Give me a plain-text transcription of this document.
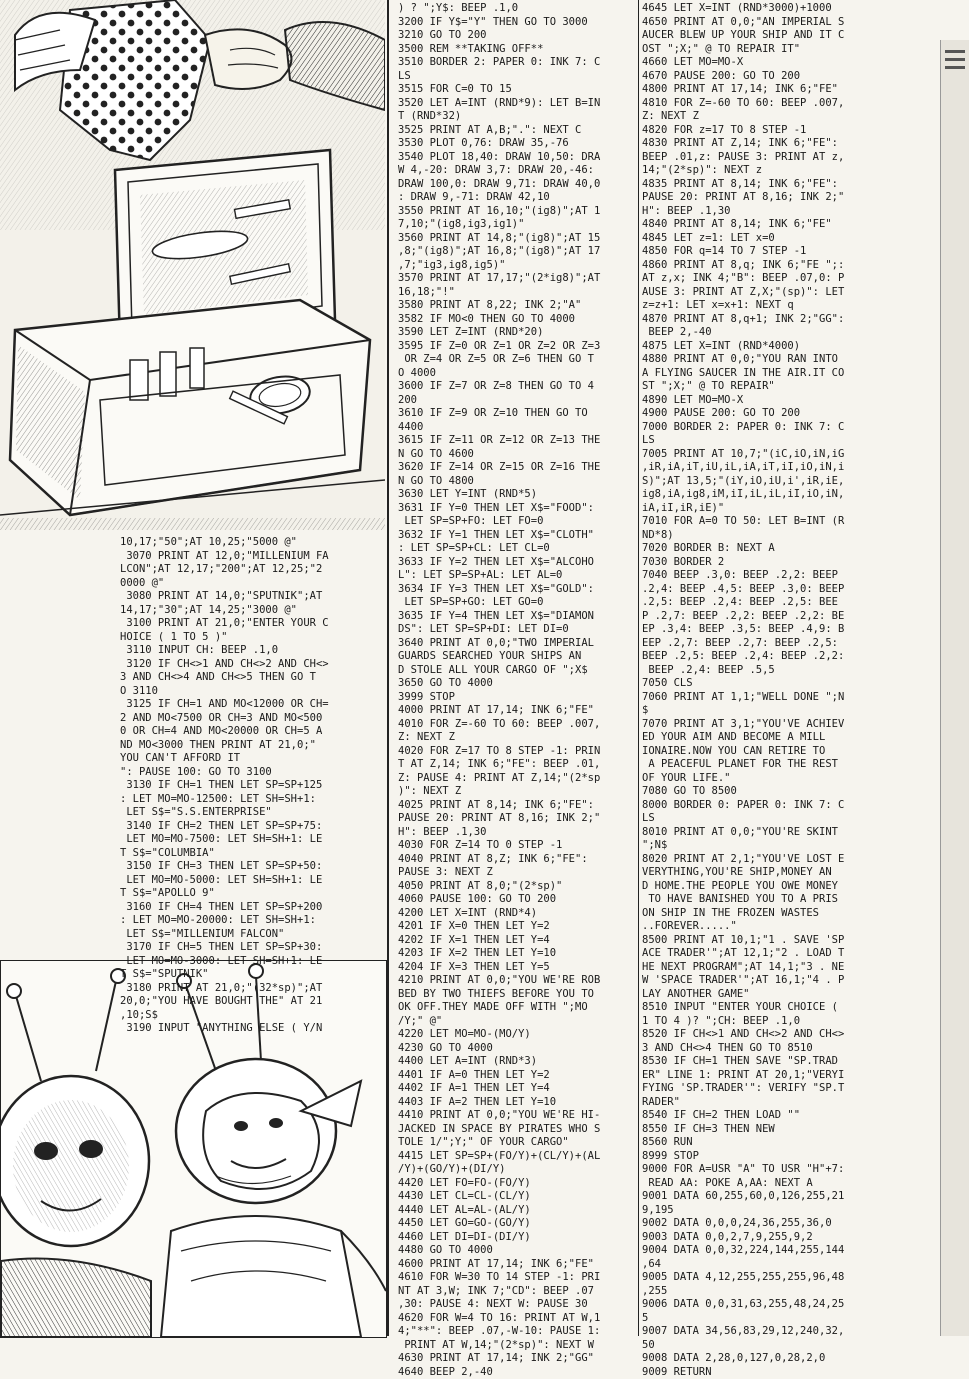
10,17;"50";AT 10,25;"5000 @"
3070 PRINT AT 12,0;"MILLENIUM FA
LCON";AT 12,17;"200";AT 12,25;"2
0000 @"
3080 PRINT AT 14,0;"SPUTNIK";AT
14,17;"30";AT 14,25;"3000 @"
3100 PRINT AT 21,0;"ENTER YOUR C
HOICE ( 1 TO 5 )"
3110 INPUT CH: BEEP .1,0
3120 IF CH<>1 AND CH<>2 AND CH<>
3 AND CH<>4 AND CH<>5 THEN GO T
O 3110
3125 IF CH=1 AND MO<12000 OR CH=
2 AND MO<7500 OR CH=3 AND MO<500
0 OR CH=4 AND MO<20000 OR CH=5 A
ND MO<3000 THEN PRINT AT 21,0;"
YOU CAN'T AFFORD IT
": PAUSE 100: GO TO 3100
3130 IF CH=1 THEN LET SP=SP+125
: LET MO=MO-12500: LET SH=SH+1:
LET S$="S.S.ENTERPRISE"
3140 IF CH=2 THEN LET SP=SP+75:
LET MO=MO-7500: LET SH=SH+1: LE
T S$="COLUMBIA"
3150 IF CH=3 THEN LET SP=SP+50:
LET MO=MO-5000: LET SH=SH+1: LE
T S$="APOLLO 9"
3160 IF CH=4 THEN LET SP=SP+200
: LET MO=MO-20000: LET SH=SH+1:
LET S$="MILLENIUM FALCON"
3170 IF CH=5 THEN LET SP=SP+30:
LET MO=MO-3000: LET SH=SH+1: LE
T S$="SPUTNIK"
3180 PRINT AT 21,0;"(32*sp)";AT
20,0;"YOU HAVE BOUGHT THE" AT 21
,10;S$
3190 INPUT "ANYTHING ELSE ( Y/N
) ? ";Y$: BEEP .1,0
3200 IF Y$="Y" THEN GO TO 3000
3210 GO TO 200
3500 REM **TAKING OFF**
3510 BORDER 2: PAPER 0: INK 7: C
LS
3515 FOR C=0 TO 15
3520 LET A=INT (RND*9): LET B=IN
T (RND*32)
3525 PRINT AT A,B;".": NEXT C
3530 PLOT 0,76: DRAW 35,-76
3540 PLOT 18,40: DRAW 10,50: DRA
W 4,-20: DRAW 3,7: DRAW 20,-46:
DRAW 100,0: DRAW 9,71: DRAW 40,0
: DRAW 9,-71: DRAW 42,10
3550 PRINT AT 16,10;"(ig8)";AT 1
7,10;"(ig8,ig3,ig1)"
3560 PRINT AT 14,8;"(ig8)";AT 15
,8;"(ig8)";AT 16,8;"(ig8)";AT 17
,7;"ig3,ig8,ig5)"
3570 PRINT AT 17,17;"(2*ig8)";AT
16,18;"!"
3580 PRINT AT 8,22; INK 2;"A"
3582 IF MO<0 THEN GO TO 4000
3590 LET Z=INT (RND*20)
3595 IF Z=0 OR Z=1 OR Z=2 OR Z=3
OR Z=4 OR Z=5 OR Z=6 THEN GO T
O 4000
3600 IF Z=7 OR Z=8 THEN GO TO 4
200
3610 IF Z=9 OR Z=10 THEN GO TO
4400
3615 IF Z=11 OR Z=12 OR Z=13 THE
N GO TO 4600
3620 IF Z=14 OR Z=15 OR Z=16 THE
N GO TO 4800
3630 LET Y=INT (RND*5)
3631 IF Y=0 THEN LET X$="FOOD":
LET SP=SP+FO: LET FO=0
3632 IF Y=1 THEN LET X$="CLOTH"
: LET SP=SP+CL: LET CL=0
3633 IF Y=2 THEN LET X$="ALCOHO
L": LET SP=SP+AL: LET AL=0
3634 IF Y=3 THEN LET X$="GOLD":
LET SP=SP+GO: LET GO=0
3635 IF Y=4 THEN LET X$="DIAMON
DS": LET SP=SP+DI: LET DI=0
3640 PRINT AT 0,0;"TWO IMPERIAL
GUARDS SEARCHED YOUR SHIPS AN
D STOLE ALL YOUR CARGO OF ";X$
3650 GO TO 4000
3999 STOP
4000 PRINT AT 17,14; INK 6;"FE"
4010 FOR Z=-60 TO 60: BEEP .007,
Z: NEXT Z
4020 FOR Z=17 TO 8 STEP -1: PRIN
T AT Z,14; INK 6;"FE": BEEP .01,
Z: PAUSE 4: PRINT AT Z,14;"(2*sp
)": NEXT Z
4025 PRINT AT 8,14; INK 6;"FE":
PAUSE 20: PRINT AT 8,16; INK 2;"
H": BEEP .1,30
4030 FOR Z=14 TO 0 STEP -1
4040 PRINT AT 8,Z; INK 6;"FE":
PAUSE 3: NEXT Z
4050 PRINT AT 8,0;"(2*sp)"
4060 PAUSE 100: GO TO 200
4200 LET X=INT (RND*4)
4201 IF X=0 THEN LET Y=2
4202 IF X=1 THEN LET Y=4
4203 IF X=2 THEN LET Y=10
4204 IF X=3 THEN LET Y=5
4210 PRINT AT 0,0;"YOU WE'RE ROB
BED BY TWO THIEFS BEFORE YOU TO
OK OFF.THEY MADE OFF WITH ";MO
/Y;" @"
4220 LET MO=MO-(MO/Y)
4230 GO TO 4000
4400 LET A=INT (RND*3)
4401 IF A=0 THEN LET Y=2
4402 IF A=1 THEN LET Y=4
4403 IF A=2 THEN LET Y=10
4410 PRINT AT 0,0;"YOU WE'RE HI-
JACKED IN SPACE BY PIRATES WHO S
TOLE 1/";Y;" OF YOUR CARGO"
4415 LET SP=SP+(FO/Y)+(CL/Y)+(AL
/Y)+(GO/Y)+(DI/Y)
4420 LET FO=FO-(FO/Y)
4430 LET CL=CL-(CL/Y)
4440 LET AL=AL-(AL/Y)
4450 LET GO=GO-(GO/Y)
4460 LET DI=DI-(DI/Y)
4480 GO TO 4000
4600 PRINT AT 17,14; INK 6;"FE"
4610 FOR W=30 TO 14 STEP -1: PRI
NT AT 3,W; INK 7;"CD": BEEP .07
,30: PAUSE 4: NEXT W: PAUSE 30
4620 FOR W=4 TO 16: PRINT AT W,1
4;"**": BEEP .07,-W-10: PAUSE 1:
PRINT AT W,14;"(2*sp)": NEXT W
4630 PRINT AT 17,14; INK 2;"GG"
4640 BEEP 2,-40
4645 LET X=INT (RND*3000)+1000
4650 PRINT AT 0,0;"AN IMPERIAL S
AUCER BLEW UP YOUR SHIP AND IT C
OST ";X;" @ TO REPAIR IT"
4660 LET MO=MO-X
4670 PAUSE 200: GO TO 200
4800 PRINT AT 17,14; INK 6;"FE"
4810 FOR Z=-60 TO 60: BEEP .007,
Z: NEXT Z
4820 FOR z=17 TO 8 STEP -1
4830 PRINT AT Z,14; INK 6;"FE":
BEEP .01,z: PAUSE 3: PRINT AT z,
14;"(2*sp)": NEXT z
4835 PRINT AT 8,14; INK 6;"FE":
PAUSE 20: PRINT AT 8,16; INK 2;"
H": BEEP .1,30
4840 PRINT AT 8,14; INK 6;"FE"
4845 LET z=1: LET x=0
4850 FOR q=14 TO 7 STEP -1
4860 PRINT AT 8,q; INK 6;"FE ";:
AT z,x; INK 4;"B": BEEP .07,0: P
AUSE 3: PRINT AT Z,X;"(sp)": LET
z=z+1: LET x=x+1: NEXT q
4870 PRINT AT 8,q+1; INK 2;"GG":
BEEP 2,-40
4875 LET X=INT (RND*4000)
4880 PRINT AT 0,0;"YOU RAN INTO
A FLYING SAUCER IN THE AIR.IT CO
ST ";X;" @ TO REPAIR"
4890 LET MO=MO-X
4900 PAUSE 200: GO TO 200
7000 BORDER 2: PAPER 0: INK 7: C
LS
7005 PRINT AT 10,7;"(iC,iO,iN,iG
,iR,iA,iT,iU,iL,iA,iT,iI,iO,iN,i
S)";AT 13,5;"(iY,iO,iU,i',iR,iE,
ig8,iA,ig8,iM,iI,iL,iL,iI,iO,iN,
iA,iI,iR,iE)"
7010 FOR A=0 TO 50: LET B=INT (R
ND*8)
7020 BORDER B: NEXT A
7030 BORDER 2
7040 BEEP .3,0: BEEP .2,2: BEEP
.2,4: BEEP .4,5: BEEP .3,0: BEEP
.2,5: BEEP .2,4: BEEP .2,5: BEE
P .2,7: BEEP .2,2: BEEP .2,2: BE
EP .3,4: BEEP .3,5: BEEP .4,9: B
EEP .2,7: BEEP .2,7: BEEP .2,5:
BEEP .2,5: BEEP .2,4: BEEP .2,2:
BEEP .2,4: BEEP .5,5
7050 CLS
7060 PRINT AT 1,1;"WELL DONE ";N
$
7070 PRINT AT 3,1;"YOU'VE ACHIEV
ED YOUR AIM AND BECOME A MILL
IONAIRE.NOW YOU CAN RETIRE TO
A PEACEFUL PLANET FOR THE REST
OF YOUR LIFE."
7080 GO TO 8500
8000 BORDER 0: PAPER 0: INK 7: C
LS
8010 PRINT AT 0,0;"YOU'RE SKINT
";N$
8020 PRINT AT 2,1;"YOU'VE LOST E
VERYTHING,YOU'RE SHIP,MONEY AN
D HOME.THE PEOPLE YOU OWE MONEY
TO HAVE BANISHED YOU TO A PRIS
ON SHIP IN THE FROZEN WASTES
..FOREVER....."
8500 PRINT AT 10,1;"1 . SAVE 'SP
ACE TRADER'";AT 12,1;"2 . LOAD T
HE NEXT PROGRAM";AT 14,1;"3 . NE
W 'SPACE TRADER'";AT 16,1;"4 . P
LAY ANOTHER GAME"
8510 INPUT "ENTER YOUR CHOICE (
1 TO 4 )? ";CH: BEEP .1,0
8520 IF CH<>1 AND CH<>2 AND CH<>
3 AND CH<>4 THEN GO TO 8510
8530 IF CH=1 THEN SAVE "SP.TRAD
ER" LINE 1: PRINT AT 20,1;"VERYI
FYING 'SP.TRADER'": VERIFY "SP.T
RADER"
8540 IF CH=2 THEN LOAD ""
8550 IF CH=3 THEN NEW
8560 RUN
8999 STOP
9000 FOR A=USR "A" TO USR "H"+7:
READ AA: POKE A,AA: NEXT A
9001 DATA 60,255,60,0,126,255,21
9,195
9002 DATA 0,0,0,24,36,255,36,0
9003 DATA 0,0,2,7,9,255,9,2
9004 DATA 0,0,32,224,144,255,144
,64
9005 DATA 4,12,255,255,255,96,48
,255
9006 DATA 0,0,31,63,255,48,24,25
5
9007 DATA 34,56,83,29,12,240,32,
50
9008 DATA 2,28,0,127,0,28,2,0
9009 RETURN
